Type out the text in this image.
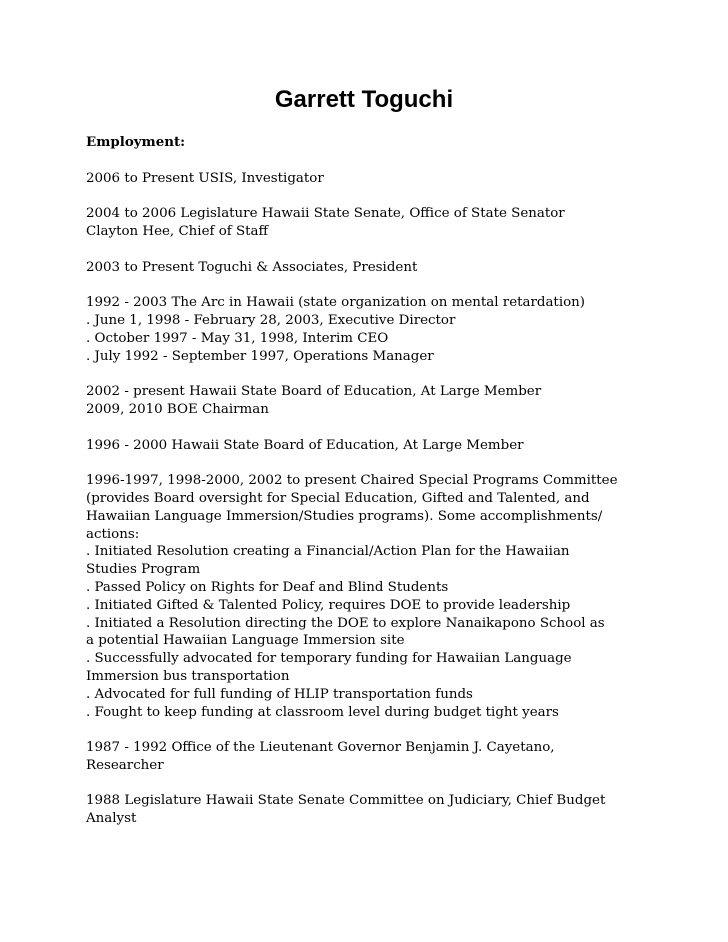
Garrett Toguchi
Employment:
2006 to Present USIS, Investigator
2004 to 2006 Legislature Hawaii State Senate, Office of State Senator
Clayton Hee, Chief of Staff
2003 to Present Toguchi & Associates, President
1992 - 2003 The Arc in Hawaii (state organization on mental retardation)
. June 1, 1998 - February 28, 2003, Executive Director
. October 1997 - May 31, 1998, Interim CEO
. July 1992 - September 1997, Operations Manager
2002 - present Hawaii State Board of Education, At Large Member
2009, 2010 BOE Chairman
1996 - 2000 Hawaii State Board of Education, At Large Member
1996-1997, 1998-2000, 2002 to present Chaired Special Programs Committee
(provides Board oversight for Special Education, Gifted and Talented, and
Hawaiian Language Immersion/Studies programs). Some accomplishments/
actions:
. Initiated Resolution creating a Financial/Action Plan for the Hawaiian
Studies Program
. Passed Policy on Rights for Deaf and Blind Students
. Initiated Gifted & Talented Policy, requires DOE to provide leadership
. Initiated a Resolution directing the DOE to explore Nanaikapono School as
a potential Hawaiian Language Immersion site
. Successfully advocated for temporary funding for Hawaiian Language
Immersion bus transportation
. Advocated for full funding of HLIP transportation funds
. Fought to keep funding at classroom level during budget tight years
1987 - 1992 Office of the Lieutenant Governor Benjamin J. Cayetano,
Researcher
1988 Legislature Hawaii State Senate Committee on Judiciary, Chief Budget
Analyst
